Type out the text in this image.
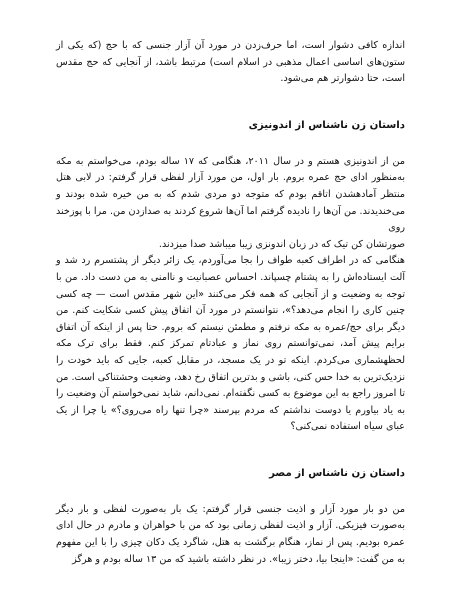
اندازه کافی دشوار است، اما حرف‌زدن در مورد آن آزار جنسی که با حج (که یکی از ستون‌های اساسی اعمال مذهبی در اسلام است) مرتبط باشد، از آنجایی که حج مقدس است، حتا دشوارتر هم می‌شود.

داستان زن ناشناس از اندونیزی

من از اندونیزی هستم و در سال ۲۰۱۱، هنگامی که ۱۷ ساله بودم، می‌خواستم به مکه به‌منظور ادای حج عمره بروم. بار اول، من مورد آزار لفظی قرار گرفتم: در لابی هتل منتظر آمادهشدن اتاقم بودم که متوجه دو مردی شدم که به من خیره شده بودند و می‌خندیدند. من آن‌ها را نادیده گرفتم اما آن‌ها شروع کردند به صدازدن من. مرا با پوزخند روی

صورتشان کن تیک که در زبان اندونزی زیبا میباشد صدا میزدند.

هنگامی که در اطراف کعبه طواف را بجا می‌آوردم، یک زائر دیگر از پشتسرم رد شد و آلت ایستاده‌اش را به پشتام چسپاند. احساس عصبانیت و ناامنی به من دست داد. من با توجه به وضعیت و از آنجایی که همه فکر می‌کنند «این شهر مقدس است — چه کسی چنین کاری را انجام می‌دهد؟»، نتوانستم در مورد آن اتفاق پیش کسی شکایت کنم. من دیگر برای حج/عمره به مکه نرفتم و مطمئن نیستم که بروم. حتا پس از اینکه آن اتفاق برایم پیش آمد، نمی‌توانستم روی نماز و عبادتام تمرکز کنم. فقط برای ترک مکه لحظهشماری می‌کردم. اینکه تو در یک مسجد، در مقابل کعبه، جایی که باید خودت را نزدیک‌ترین به خدا حس کنی، باشی و بدترین اتفاق رخ دهد، وضعیت وحشتناکی است. من تا امروز راجع به این موضوع به کسی نگفته‌ام. نمی‌دانم، شاید نمی‌خواستم آن وضعیت را به یاد بیاورم یا دوست نداشتم که مردم بپرسند «چرا تنها راه می‌روی؟» یا چرا از یک عبای سیاه استفاده نمی‌کنی؟

داستان زن ناشناس از مصر

من دو بار مورد آزار و اذیت جنسی قرار گرفتم: یک بار به‌صورت لفظی و بار دیگر به‌صورت فیزیکی. آزار و اذیت لفظی زمانی بود که من با خواهران و مادرم در حال ادای عمره بودیم. پس از نماز، هنگام برگشت به هتل، شاگرد یک دکان چیزی را با این مفهوم به من گفت: «اینجا بیا، دختر زیبا». در نظر داشته باشید که من ۱۳ ساله بودم و هرگز
